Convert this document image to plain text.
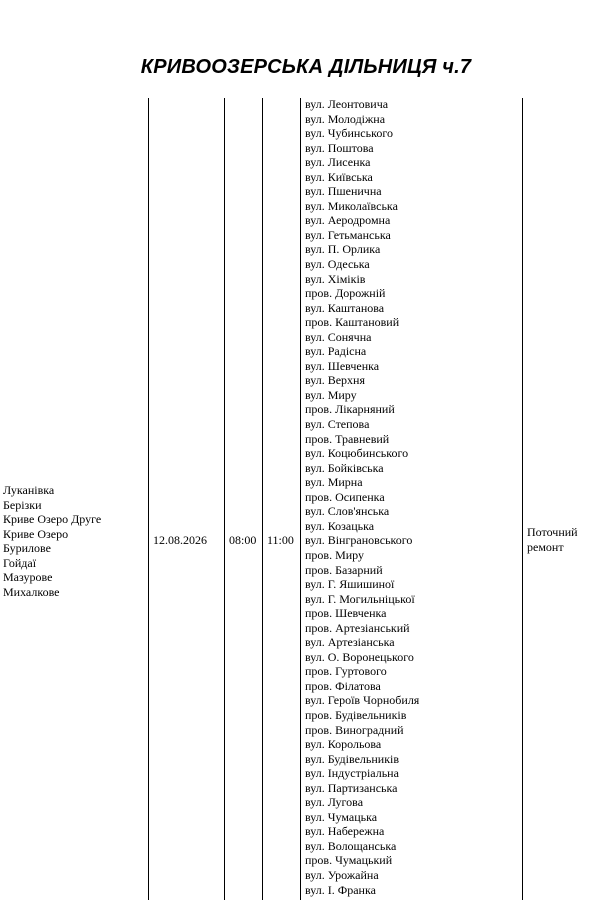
КРИВООЗЕРСЬКА ДІЛЬНИЦЯ ч.7
Луканівка
Берізки
Криве Озеро Друге
Криве Озеро
Бурилове
Гойдаї
Мазурове
Михалкове
12.08.2026 08:00 11:00
вул. Леонтовича
вул. Молодіжна
вул. Чубинського
вул. Поштова
вул. Лисенка
вул. Київська
вул. Пшенична
вул. Миколаївська
вул. Аеродромна
вул. Гетьманська
вул. П. Орлика
вул. Одеська
вул. Хіміків
пров. Дорожній
вул. Каштанова
пров. Каштановий
вул. Сонячна
вул. Радісна
вул. Шевченка
вул. Верхня
вул. Миру
пров. Лікарняний
вул. Степова
пров. Травневий
вул. Коцюбинського
вул. Бойківська
вул. Мирна
пров. Осипенка
вул. Слов'янська
вул. Козацька
вул. Вінграновського
пров. Миру
пров. Базарний
вул. Г. Яшишиної
вул. Г. Могильніцької
пров. Шевченка
пров. Артезіанський
вул. Артезіанська
вул. О. Воронецького
пров. Гуртового
пров. Філатова
вул. Героїв Чорнобиля
пров. Будівельників
пров. Виноградний
вул. Корольова
вул. Будівельників
вул. Індустріальна
вул. Партизанська
вул. Лугова
вул. Чумацька
вул. Набережна
вул. Волощанська
пров. Чумацький
вул. Урожайна
вул. І. Франка
Поточний
ремонт
